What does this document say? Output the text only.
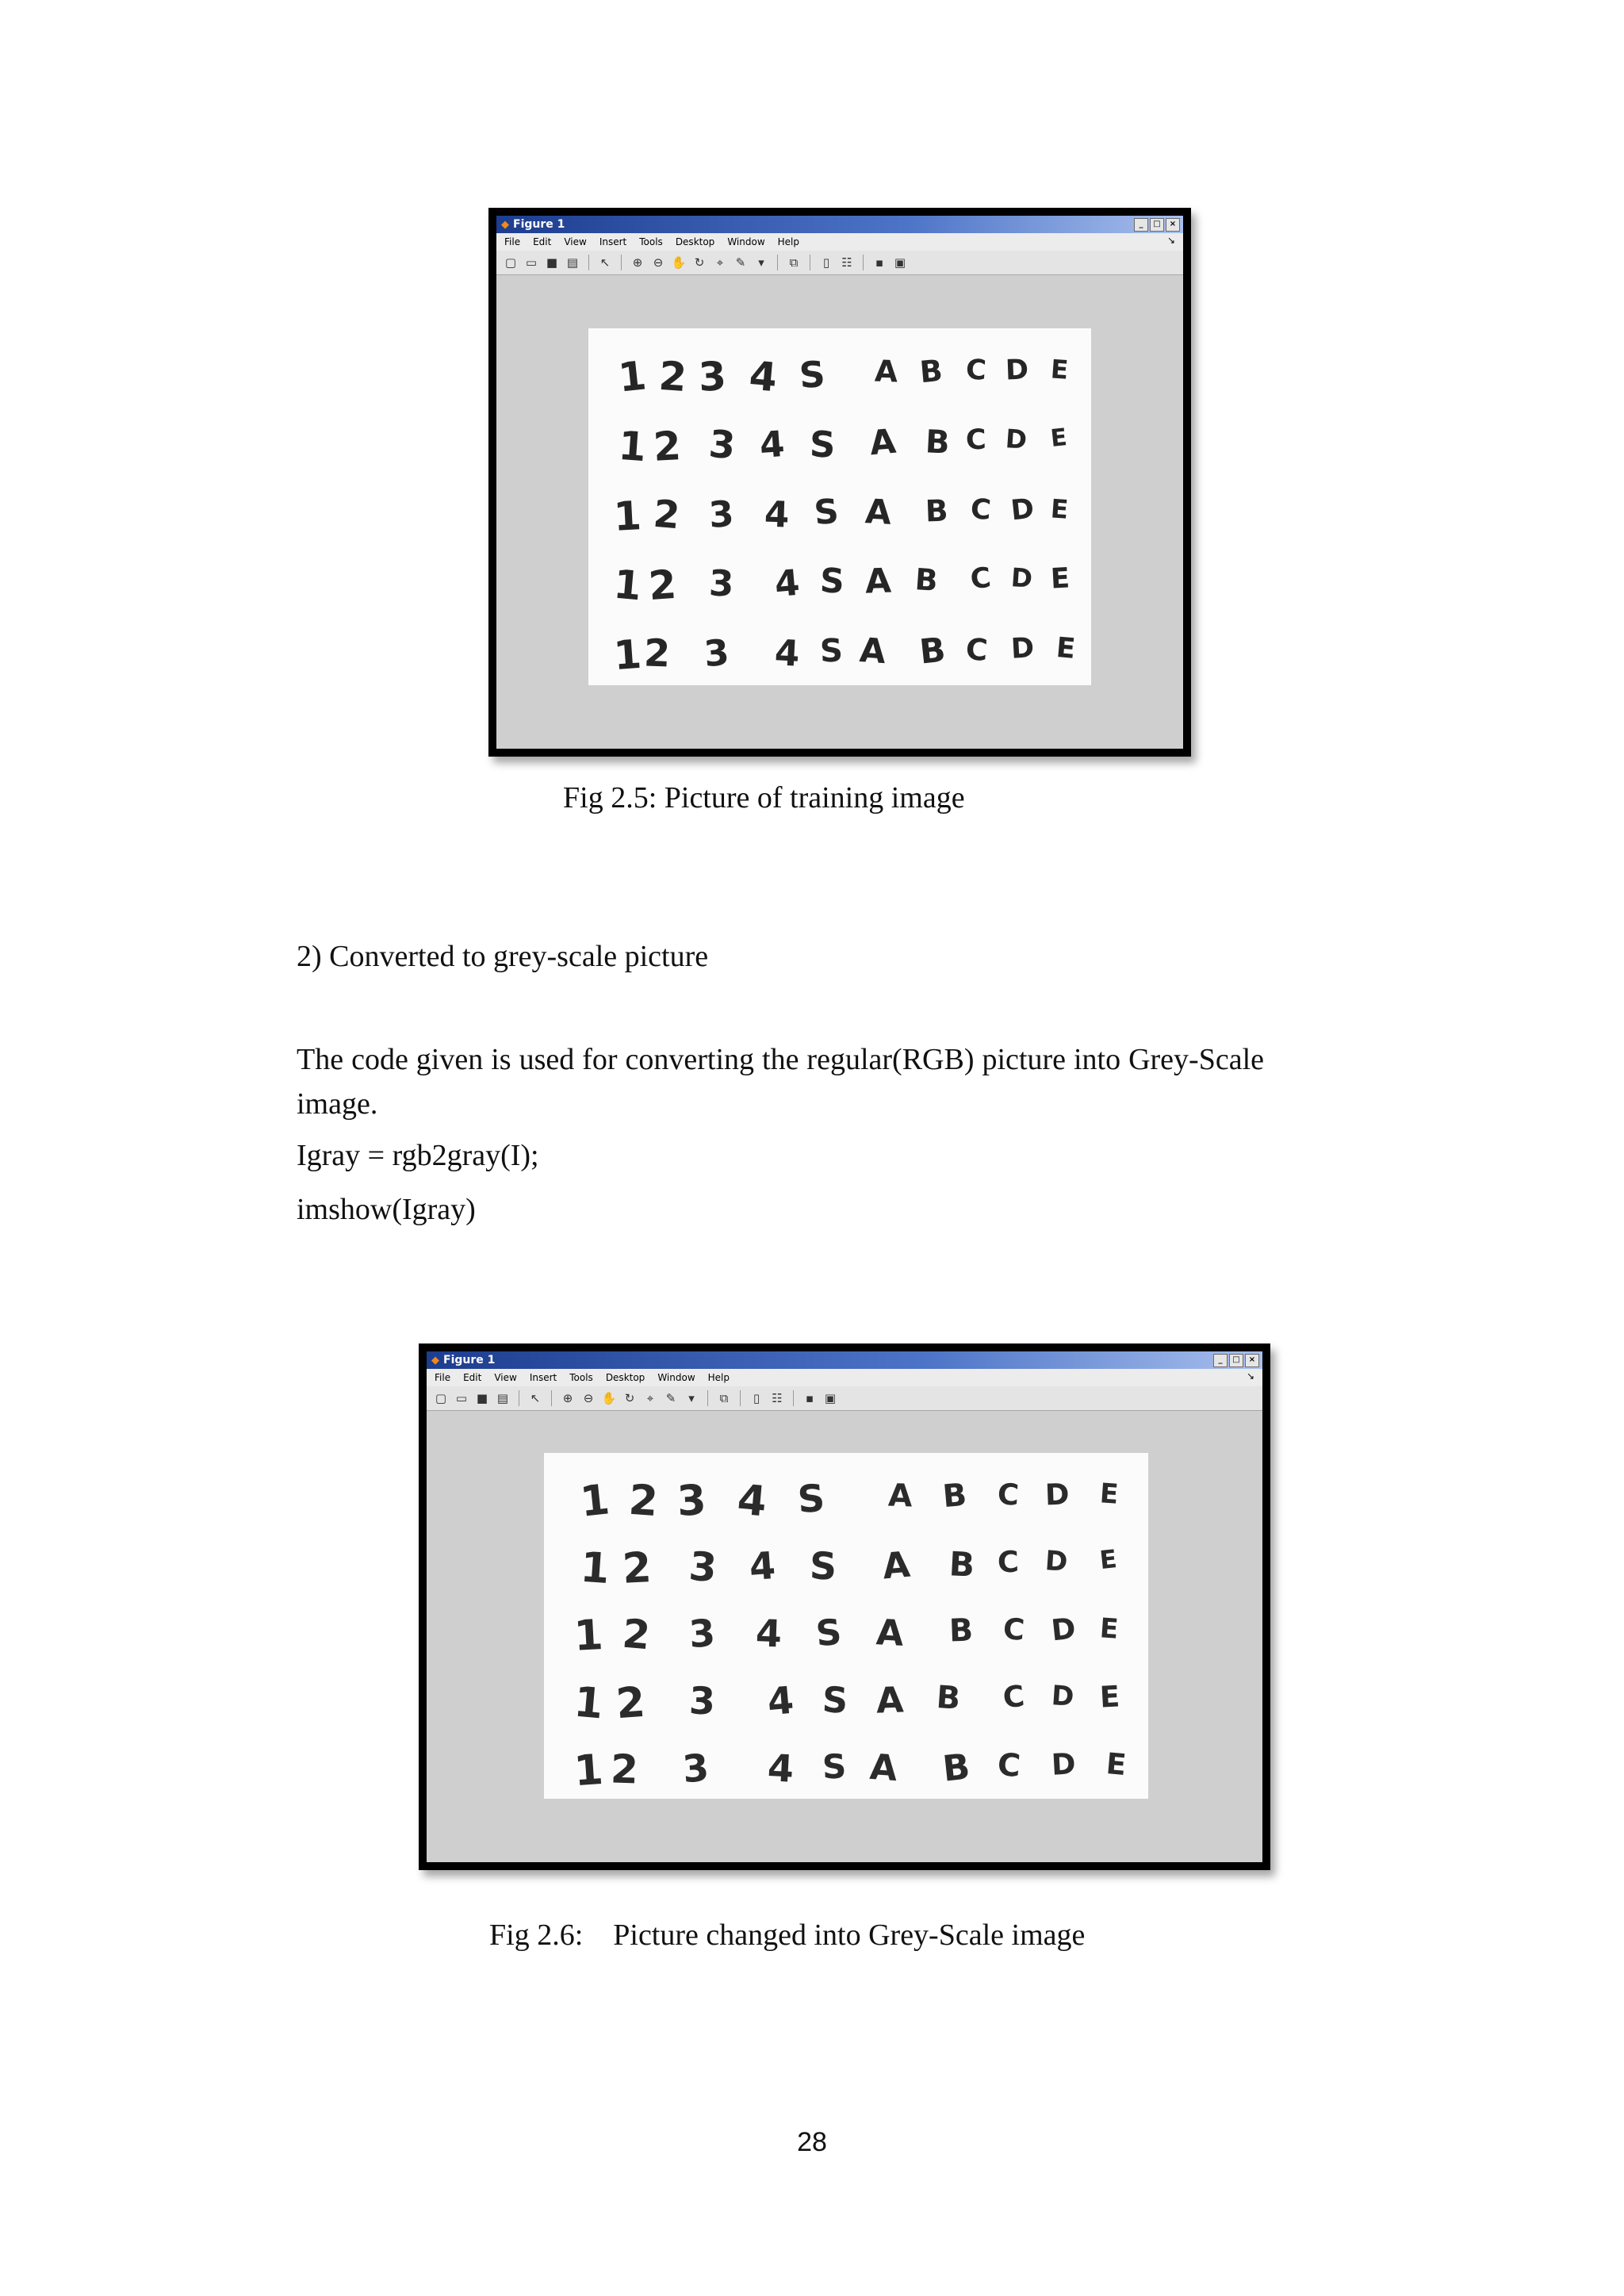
◆ Figure 1	_	□	×
File Edit View Insert Tools Desktop Window Help	↘
▢ ▭ ■ ▤ ↖ ⊕ ⊖ ✋ ↻	⌖	✎	▾	⧉	▯	☷	▪ ▣
1 2 3 4 S A B C D E
1 2 3 4 S A B C D E
1 2 3 4 S A B C D E
1 2 3 4 S A B C D E
1 2 3 4 S A B C D E
Fig 2.5: Picture of training image
2) Converted to grey-scale picture
The code given is used for converting the regular(RGB) picture into Grey-Scale image.
Igray = rgb2gray(I);
imshow(Igray)
◆ Figure 1	_	□	×
File Edit View Insert Tools Desktop Window Help	↘
▢ ▭ ■ ▤ ↖ ⊕ ⊖ ✋ ↻	⌖	✎	▾	⧉	▯	☷	▪ ▣
1 2 3 4 S A B C D E
1 2 3 4 S A B C D E
1 2 3 4 S A B C D E
1 2 3 4 S A B C D E
1 2 3 4 S A B C D E
Fig 2.6:    Picture changed into Grey-Scale image
28
